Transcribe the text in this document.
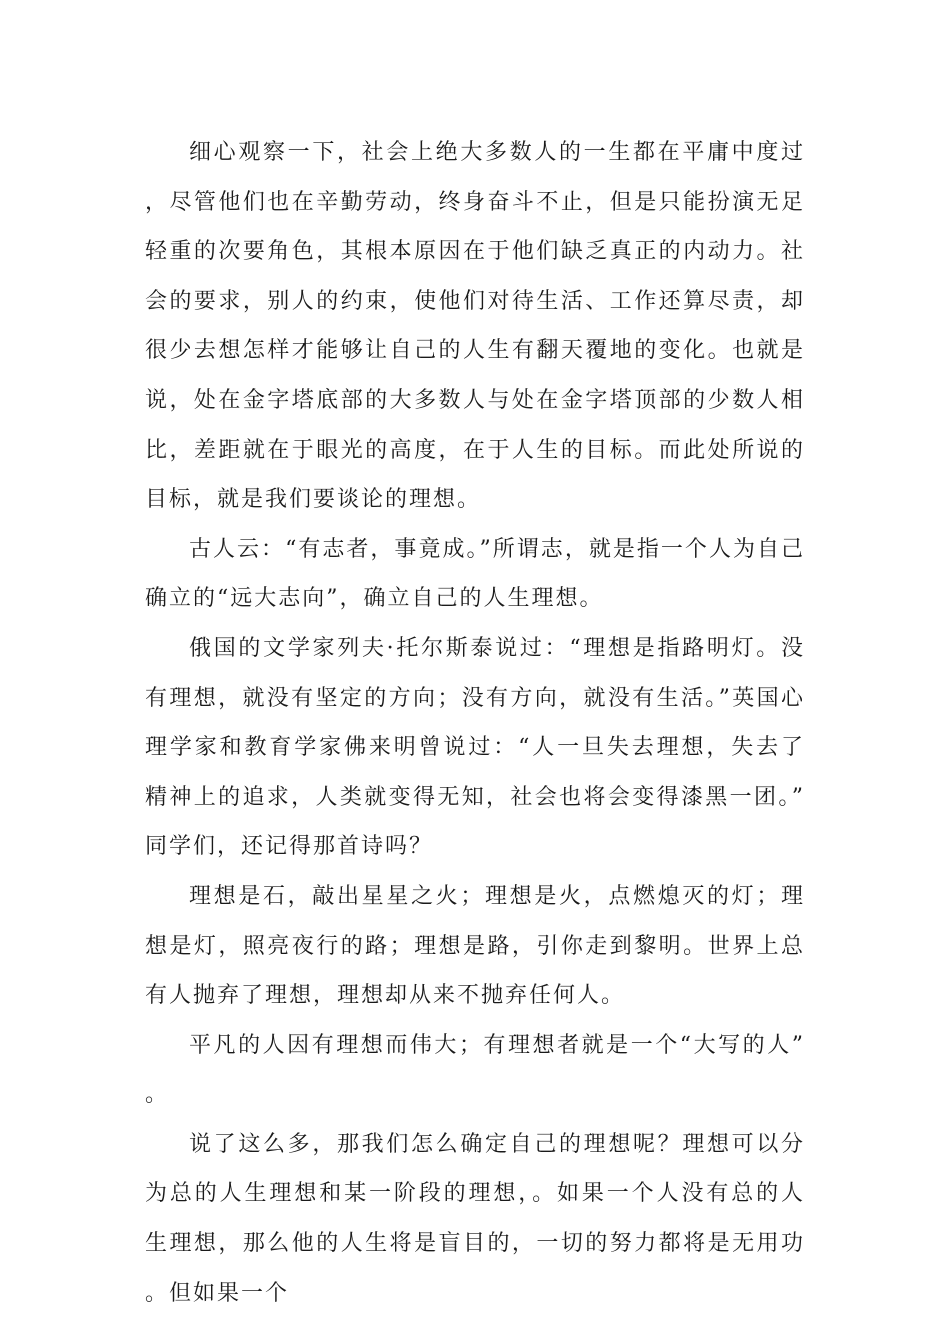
细心观察一下，社会上绝大多数人的一生都在平庸中度过，尽管他们也在辛勤劳动，终身奋斗不止，但是只能扮演无足轻重的次要角色，其根本原因在于他们缺乏真正的内动力。社会的要求，别人的约束，使他们对待生活、工作还算尽责，却很少去想怎样才能够让自己的人生有翻天覆地的变化。也就是说，处在金字塔底部的大多数人与处在金字塔顶部的少数人相比，差距就在于眼光的高度，在于人生的目标。而此处所说的目标，就是我们要谈论的理想。

古人云：“有志者，事竟成。”所谓志，就是指一个人为自己确立的“远大志向”，确立自己的人生理想。

俄国的文学家列夫·托尔斯泰说过：“理想是指路明灯。没有理想，就没有坚定的方向；没有方向，就没有生活。”英国心理学家和教育学家佛来明曾说过：“人一旦失去理想，失去了精神上的追求，人类就变得无知，社会也将会变得漆黑一团。”同学们，还记得那首诗吗？

理想是石，敲出星星之火；理想是火，点燃熄灭的灯；理想是灯，照亮夜行的路；理想是路，引你走到黎明。世界上总有人抛弃了理想，理想却从来不抛弃任何人。

平凡的人因有理想而伟大；有理想者就是一个“大写的人”。

说了这么多，那我们怎么确定自己的理想呢？理想可以分为总的人生理想和某一阶段的理想，。如果一个人没有总的人生理想，那么他的人生将是盲目的，一切的努力都将是无用功。但如果一个
